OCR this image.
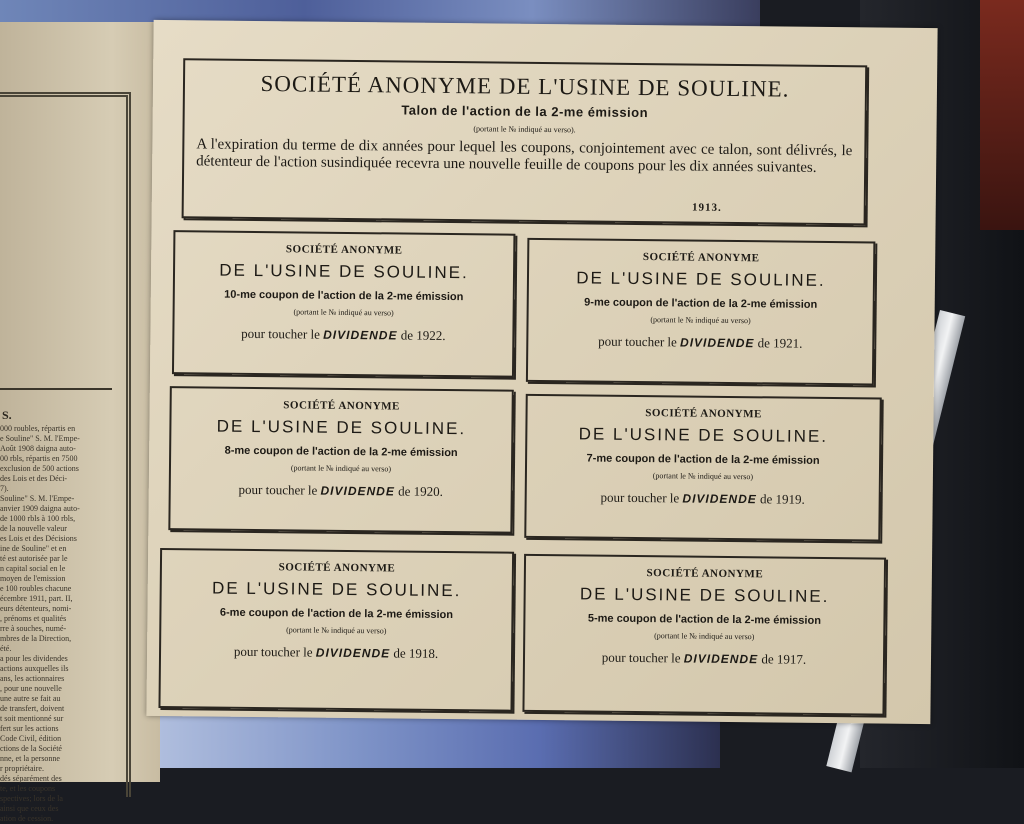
S.
000 roubles, répartis en
e Souline" S. M. l'Empe-
Août 1908 daigna auto-
00 rbls, répartis en 7500
exclusion de 500 actions
des Lois et des Déci-
7).
Souline" S. M. l'Empe-
anvier 1909 daigna auto-
de 1000 rbls à 100 rbls,
de la nouvelle valeur
es Lois et des Décisions
ine de Souline" et en
té est autorisée par le
n capital social en le
moyen de l'emission
e 100 roubles chacune
écembre 1911, part. II,
eurs détenteurs, nomi-
, prénoms et qualités
rre à souches, numé-
mbres de la Direction,
été.
a pour les dividendes
actions auxquelles ils
ans, les actionnaires
, pour une nouvelle
une autre se fait au
de transfert, doivent
t soit mentionné sur
fert sur les actions
Code Civil, édition
ctions de la Société
nne, et la personne
r propriétaire.
dés séparément des
te, et les coupons
spectives; lors de la
ainsi que ceux des
ation de cession.
SOCIÉTÉ ANONYME DE L'USINE DE SOULINE.
Talon de l'action de la 2-me émission
(portant le № indiqué au verso).
A l'expiration du terme de dix années pour lequel les coupons, conjointement avec ce talon, sont délivrés, le détenteur de l'action susindiquée recevra une nouvelle feuille de coupons pour les dix années suivantes.
1913.
SOCIÉTÉ ANONYME
DE L'USINE DE SOULINE.
10-me coupon de l'action de la 2-me émission
(portant le № indiqué au verso)
pour toucher le DIVIDENDE de 1922.
SOCIÉTÉ ANONYME
DE L'USINE DE SOULINE.
9-me coupon de l'action de la 2-me émission
(portant le № indiqué au verso)
pour toucher le DIVIDENDE de 1921.
SOCIÉTÉ ANONYME
DE L'USINE DE SOULINE.
8-me coupon de l'action de la 2-me émission
(portant le № indiqué au verso)
pour toucher le DIVIDENDE de 1920.
SOCIÉTÉ ANONYME
DE L'USINE DE SOULINE.
7-me coupon de l'action de la 2-me émission
(portant le № indiqué au verso)
pour toucher le DIVIDENDE de 1919.
SOCIÉTÉ ANONYME
DE L'USINE DE SOULINE.
6-me coupon de l'action de la 2-me émission
(portant le № indiqué au verso)
pour toucher le DIVIDENDE de 1918.
SOCIÉTÉ ANONYME
DE L'USINE DE SOULINE.
5-me coupon de l'action de la 2-me émission
(portant le № indiqué au verso)
pour toucher le DIVIDENDE de 1917.
